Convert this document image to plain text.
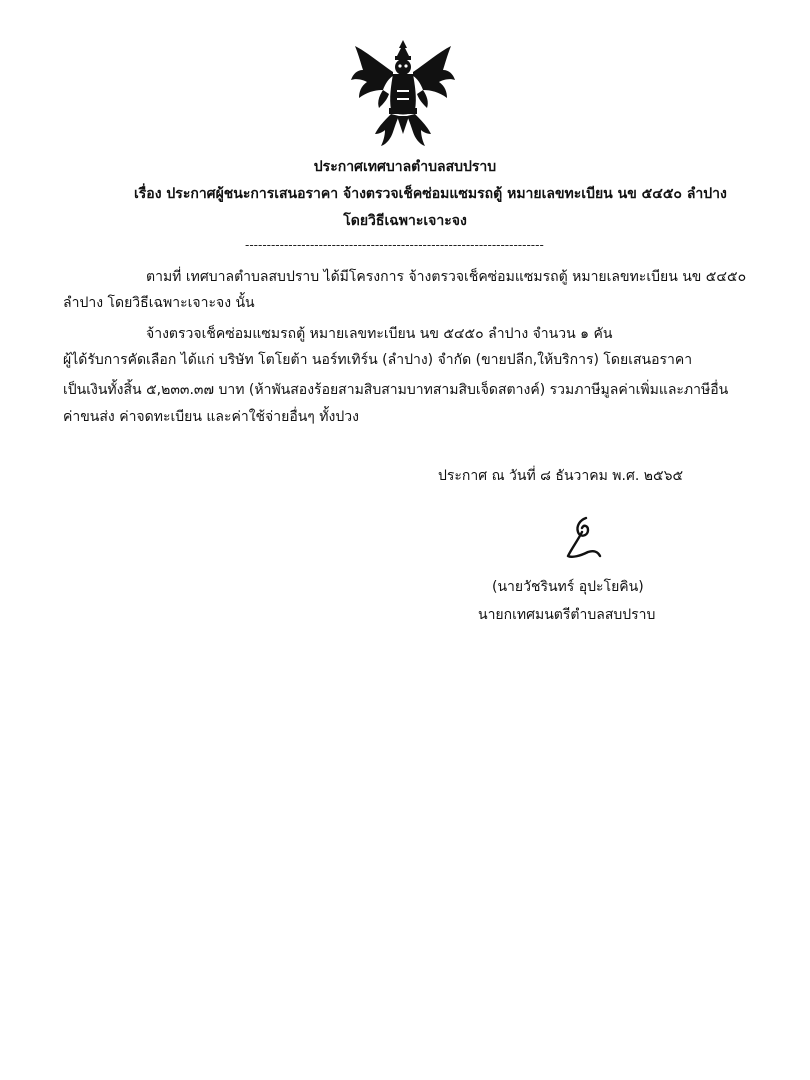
ประกาศเทศบาลตำบลสบปราบ
เรื่อง ประกาศผู้ชนะการเสนอราคา จ้างตรวจเช็คซ่อมแซมรถตู้ หมายเลขทะเบียน นข ๕๔๕๐ ลำปาง
โดยวิธีเฉพาะเจาะจง
---------------------------------------------------------------------
ตามที่ เทศบาลตำบลสบปราบ ได้มีโครงการ จ้างตรวจเช็คซ่อมแซมรถตู้ หมายเลขทะเบียน นข ๕๔๕๐
ลำปาง โดยวิธีเฉพาะเจาะจง นั้น
จ้างตรวจเช็คซ่อมแซมรถตู้ หมายเลขทะเบียน นข ๕๔๕๐ ลำปาง จำนวน ๑ คัน
ผู้ได้รับการคัดเลือก ได้แก่ บริษัท โตโยต้า นอร์ทเทิร์น (ลำปาง) จำกัด (ขายปลีก,ให้บริการ) โดยเสนอราคา
เป็นเงินทั้งสิ้น ๕,๒๓๓.๓๗ บาท (ห้าพันสองร้อยสามสิบสามบาทสามสิบเจ็ดสตางค์) รวมภาษีมูลค่าเพิ่มและภาษีอื่น
ค่าขนส่ง ค่าจดทะเบียน และค่าใช้จ่ายอื่นๆ ทั้งปวง
ประกาศ ณ วันที่ ๘ ธันวาคม พ.ศ. ๒๕๖๕
(นายวัชรินทร์ อุปะโยคิน)
นายกเทศมนตรีตำบลสบปราบ
